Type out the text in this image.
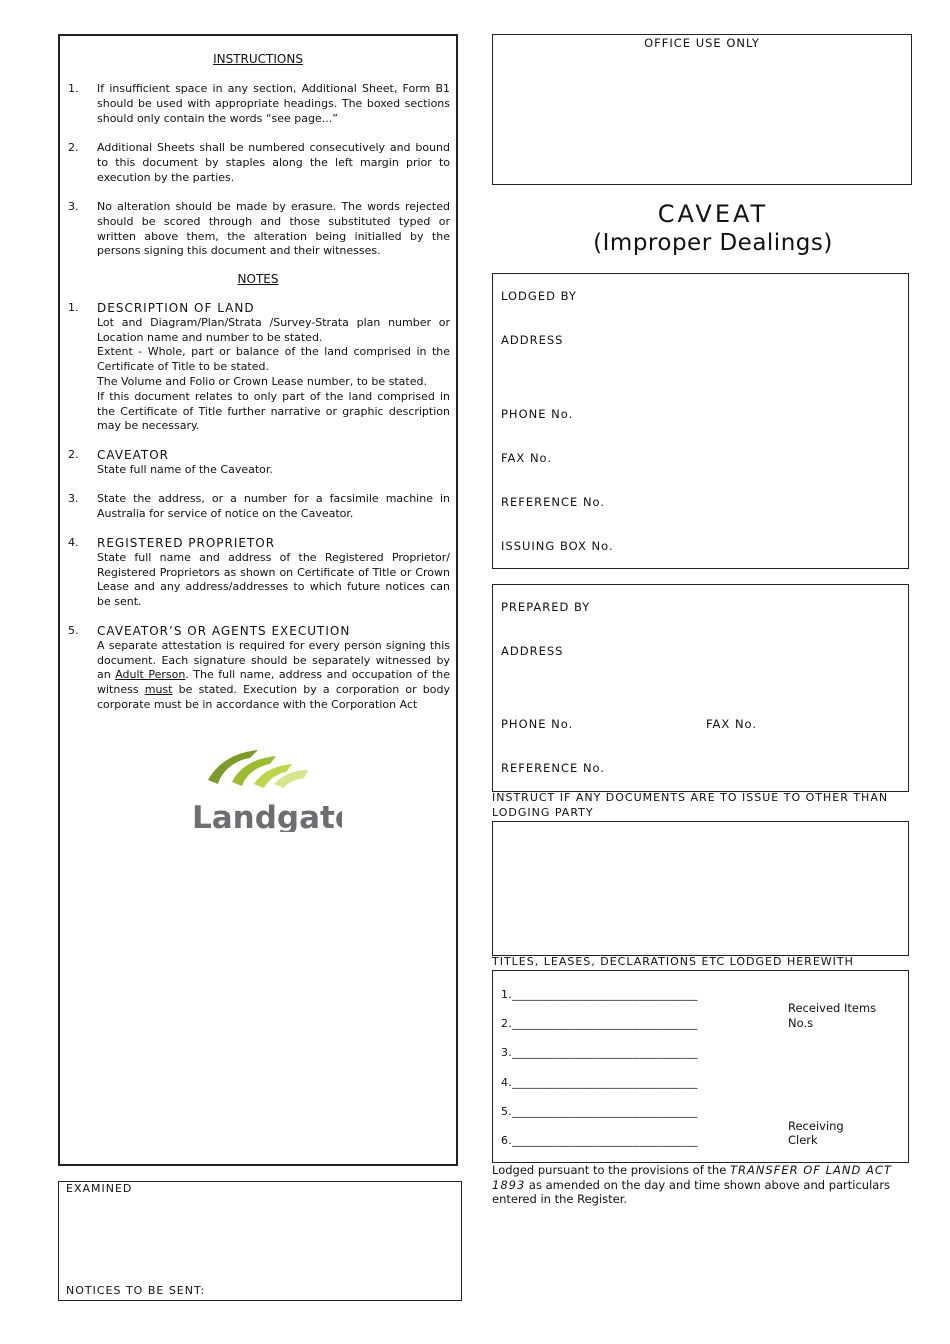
INSTRUCTIONS
1.	If insufficient space in any section, Additional Sheet, Form B1 should be used with appropriate headings. The boxed sections should only contain the words “see page...”
2.	Additional Sheets shall be numbered consecutively and bound to this document by staples along the left margin prior to execution by the parties.
3.	No alteration should be made by erasure. The words rejected should be scored through and those substituted typed or written above them, the alteration being initialled by the persons signing this document and their witnesses.
NOTES
1.	DESCRIPTION OF LAND
Lot and Diagram/Plan/Strata /Survey-Strata plan number or Location name and number to be stated.
Extent - Whole, part or balance of the land comprised in the Certificate of Title to be stated.
The Volume and Folio or Crown Lease number, to be stated.
If this document relates to only part of the land comprised in the Certificate of Title further narrative or graphic description may be necessary.
2.	CAVEATOR
State full name of the Caveator.
3.	State the address, or a number for a facsimile machine in Australia for service of notice on the Caveator.
4.	REGISTERED PROPRIETOR
State full name and address of the Registered Proprietor/ Registered Proprietors as shown on Certificate of Title or Crown Lease and any address/addresses to which future notices can be sent.
5.	CAVEATOR’S OR AGENTS EXECUTION
A separate attestation is required for every person signing this document. Each signature should be separately witnessed by an Adult Person. The full name, address and occupation of the witness must be stated. Execution by a corporation or body corporate must be in accordance with the Corporation Act
Landgate
EXAMINED
NOTICES TO BE SENT:
OFFICE USE ONLY
CAVEAT
(Improper Dealings)
LODGED BY
ADDRESS
PHONE No.
FAX No.
REFERENCE No.
ISSUING BOX No.
PREPARED BY
ADDRESS
PHONE No.	FAX No.
REFERENCE No.
INSTRUCT IF ANY DOCUMENTS ARE TO ISSUE TO OTHER THAN LODGING PARTY
TITLES, LEASES, DECLARATIONS ETC LODGED HEREWITH
1.________________________________
2.________________________________
3.________________________________
4.________________________________
5.________________________________
6.________________________________
Received Items
No.s
Receiving
Clerk
Lodged pursuant to the provisions of the TRANSFER OF LAND ACT 1893 as amended on the day and time shown above and particulars entered in the Register.
